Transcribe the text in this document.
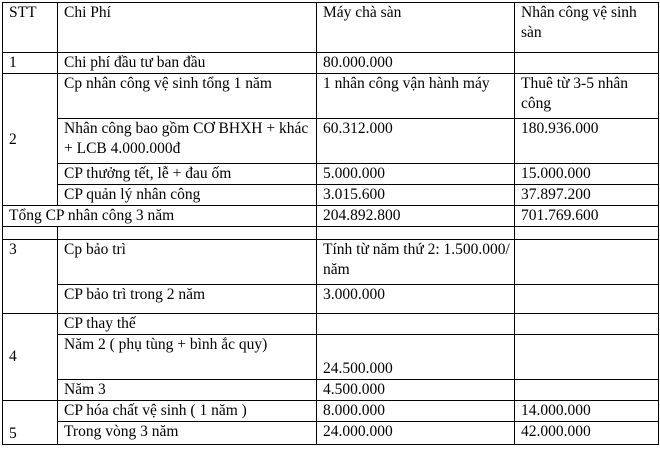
STT	Chi Phí	Máy chà sàn	Nhân công vệ sinh sàn
1	Chi phí đầu tư ban đầu	80.000.000	
2	Cp nhân công vệ sinh tổng 1 năm	1 nhân công vận hành máy	Thuê từ 3-5 nhân công
	Nhân công bao gồm CƠ BHXH + khác + LCB 4.000.000đ	60.312.000	180.936.000
	CP thưởng tết, lễ + đau ốm	5.000.000	15.000.000
	CP quản lý nhân công	3.015.600	37.897.200
Tổng CP nhân công 3 năm		204.892.800	701.769.600

3	Cp bảo trì	Tính từ năm thứ 2: 1.500.000/ năm	
	CP bảo trì trong 2 năm	3.000.000	
4	CP thay thế		
	Năm 2 ( phụ tùng + bình ắc quy)	24.500.000	
	Năm 3	4.500.000	
5	CP hóa chất vệ sinh ( 1 năm )	8.000.000	14.000.000
	Trong vòng 3 năm	24.000.000	42.000.000
